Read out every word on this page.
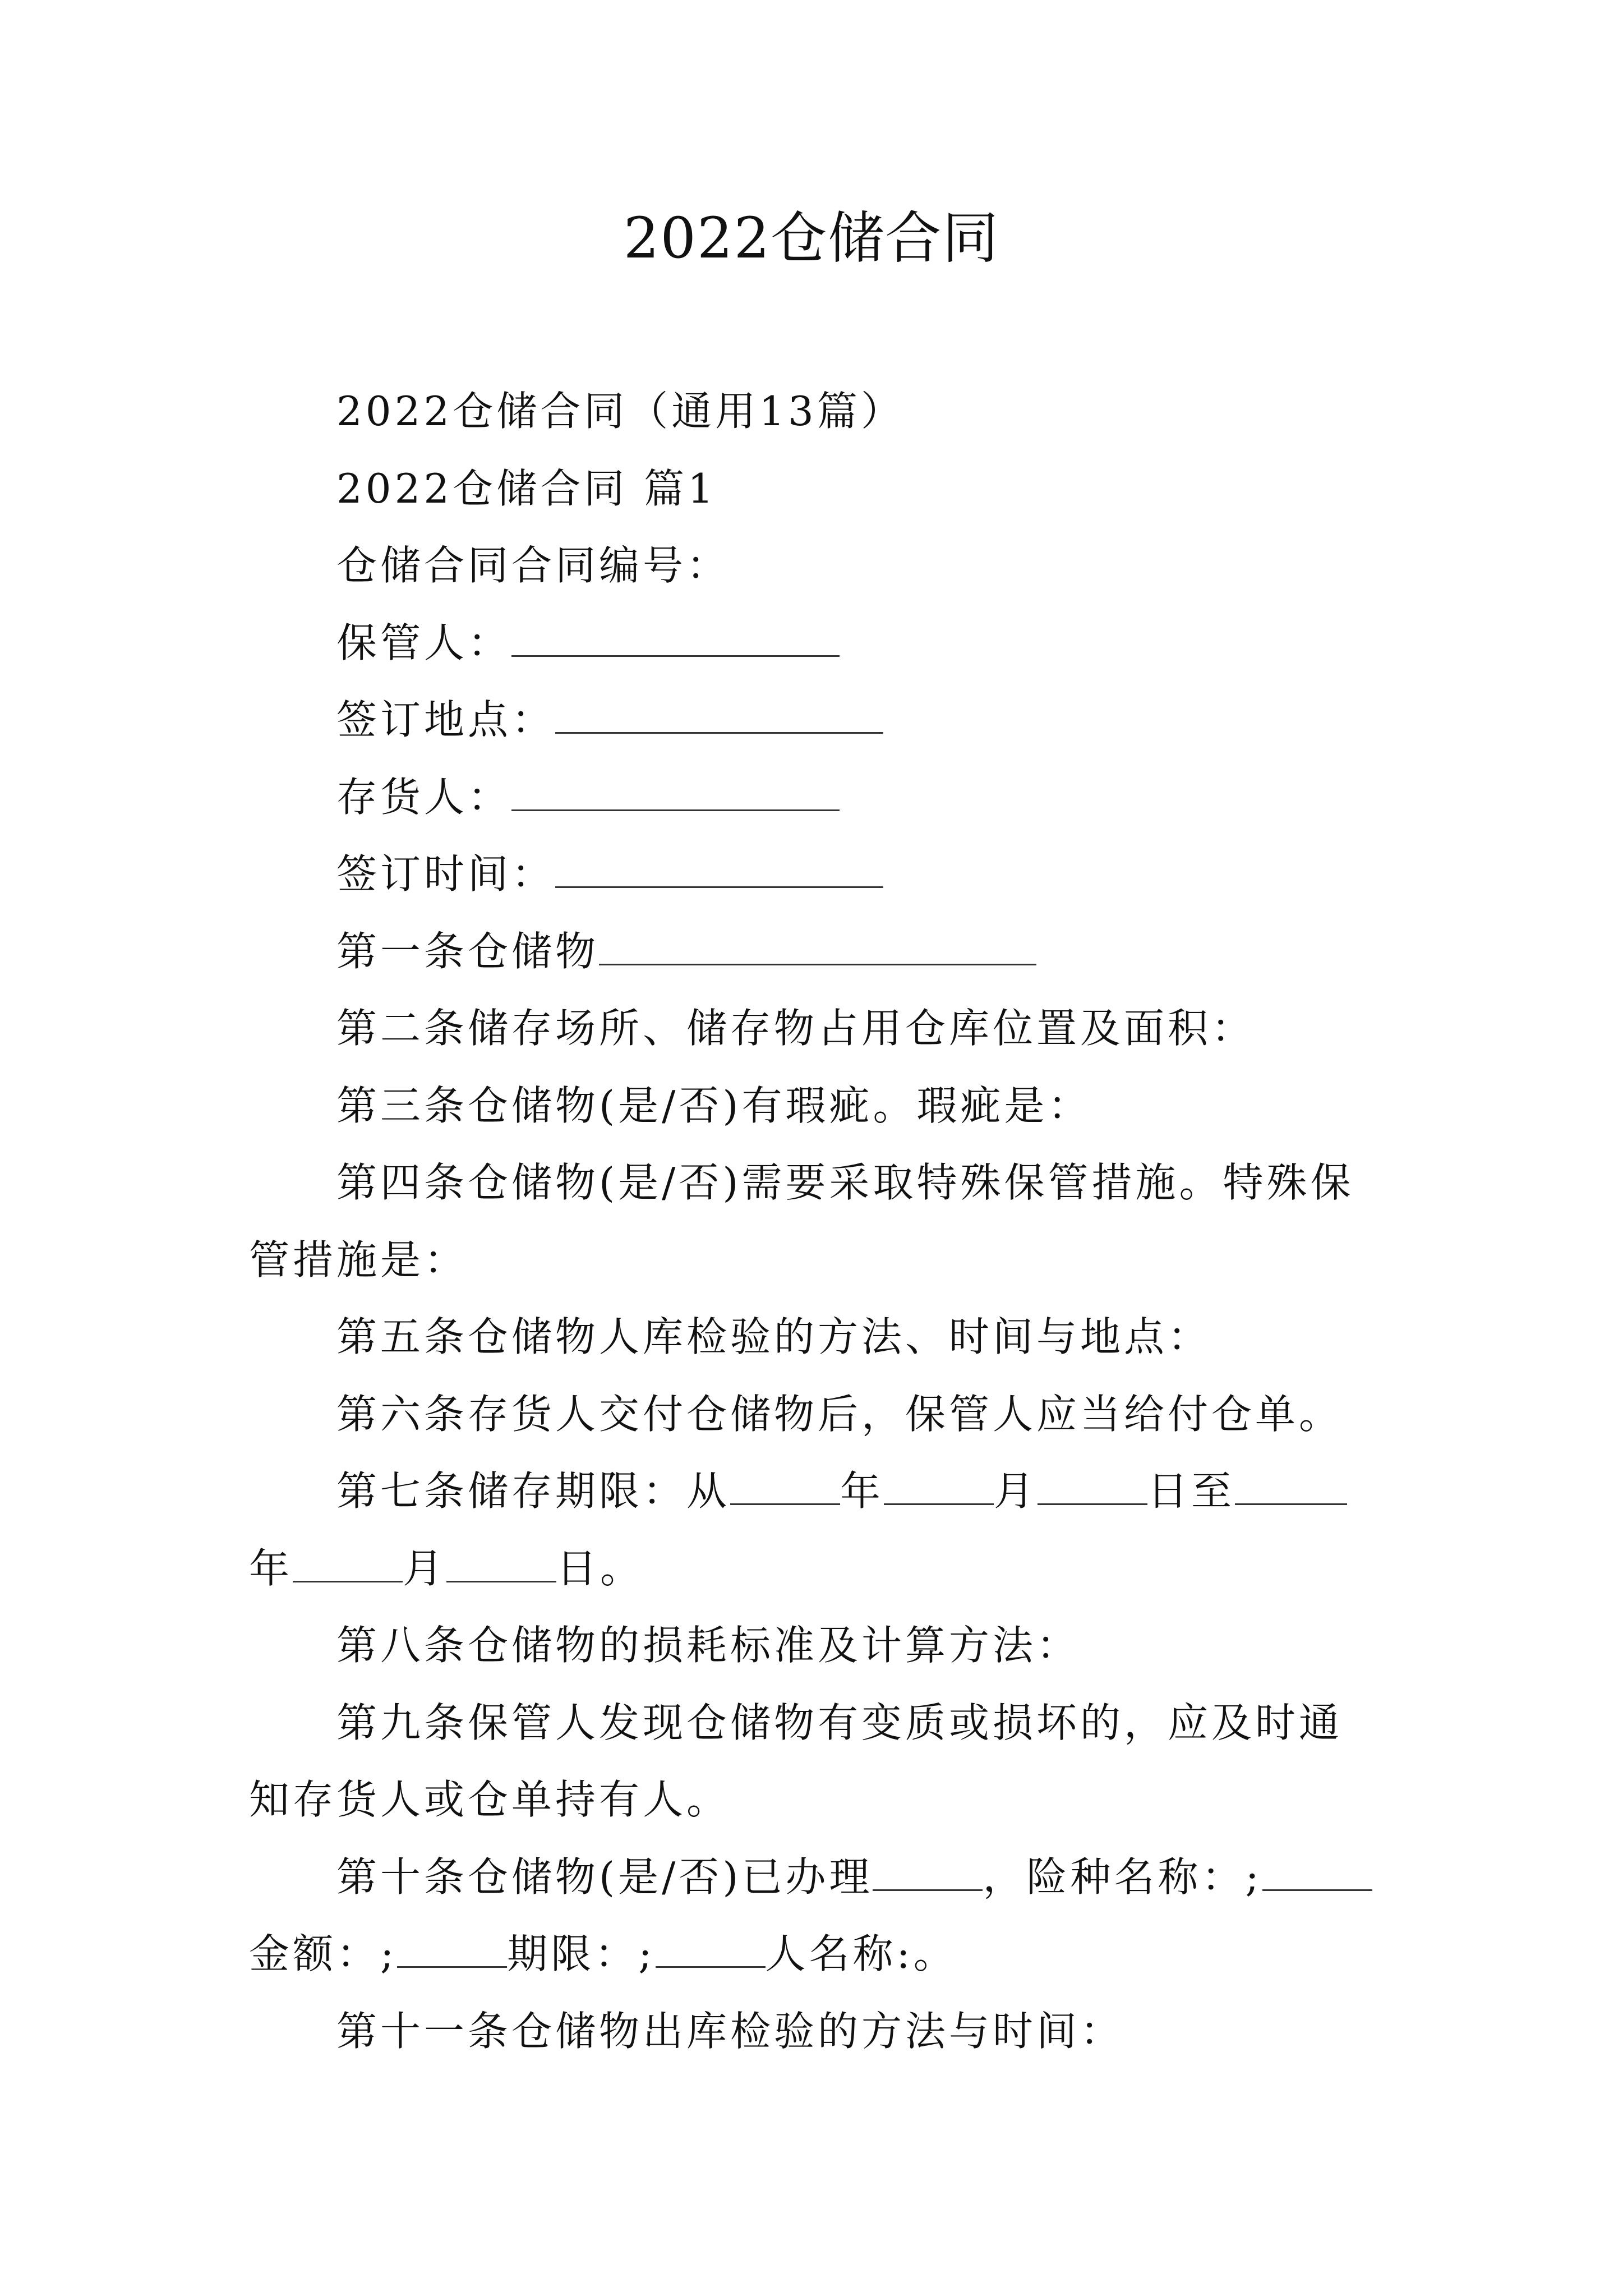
2022仓储合同

2022仓储合同（通用13篇）

2022仓储合同 篇1

仓储合同合同编号：

保管人：

签订地点：

存货人：

签订时间：

第一条仓储物

第二条储存场所、储存物占用仓库位置及面积：

第三条仓储物(是/否)有瑕疵。瑕疵是：

第四条仓储物(是/否)需要采取特殊保管措施。特殊保管措施是：

第五条仓储物人库检验的方法、时间与地点：

第六条存货人交付仓储物后，保管人应当给付仓单。

第七条储存期限：从	年	月	日至年	月	日。

第八条仓储物的损耗标准及计算方法：

第九条保管人发现仓储物有变质或损坏的，应及时通知存货人或仓单持有人。

第十条仓储物(是/否)已办理	，险种名称：;金额：;	期限：;	人名称:。

第十一条仓储物出库检验的方法与时间：
